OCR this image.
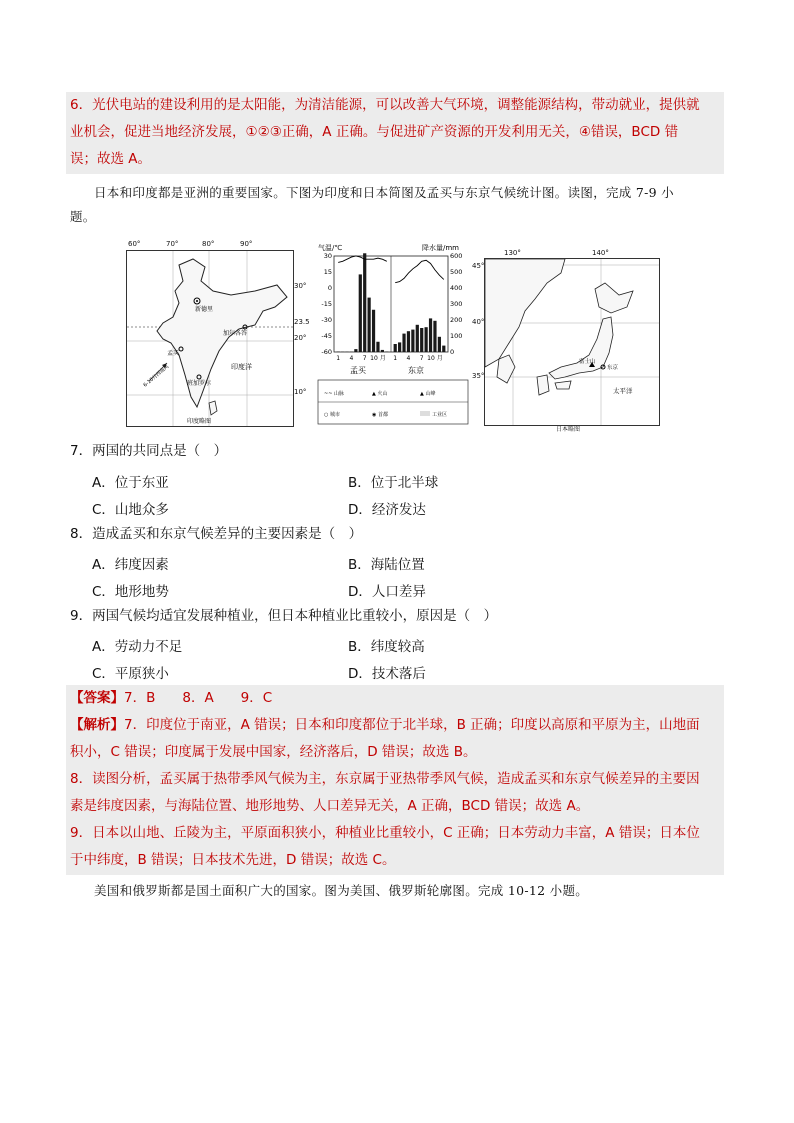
6．光伏电站的建设利用的是太阳能，为清洁能源，可以改善大气环境，调整能源结构，带动就业，提供就
业机会，促进当地经济发展，①②③正确，A 正确。与促进矿产资源的开发利用无关，④错误，BCD 错
误；故选 A。
日本和印度都是亚洲的重要国家。下图为印度和日本简图及孟买与东京气候统计图。读图，完成 7-9 小
题。
新德里
加尔各答
孟买
班加罗尔
印度洋
6-10月西南风
印度略图
60°	70°	80°	90°
30°
23.5
20°
10°
气温/℃	降水量/mm
30
15
0
-15
-30
-45
-60
600
500
400
300
200
100
0
1 4 7 10 月 1 4 7 10 月
孟买	东京
~~ 山脉	▲ 火山	▲ 山峰
○ 城市	◉ 首都	工业区
富士山
东京
太平洋
130°	140°
45°
40°
35°
日本略图
7．两国的共同点是（　）
A．位于东亚	B．位于北半球
C．山地众多	D．经济发达
8．造成孟买和东京气候差异的主要因素是（　）
A．纬度因素	B．海陆位置
C．地形地势	D．人口差异
9．两国气候均适宜发展种植业，但日本种植业比重较小，原因是（　）
A．劳动力不足	B．纬度较高
C．平原狭小	D．技术落后
【答案】7．B　　8．A　　9．C
【解析】7．印度位于南亚，A 错误；日本和印度都位于北半球，B 正确；印度以高原和平原为主，山地面
积小，C 错误；印度属于发展中国家，经济落后，D 错误；故选 B。
8．读图分析，孟买属于热带季风气候为主，东京属于亚热带季风气候，造成孟买和东京气候差异的主要因
素是纬度因素，与海陆位置、地形地势、人口差异无关，A 正确，BCD 错误；故选 A。
9．日本以山地、丘陵为主，平原面积狭小，种植业比重较小，C 正确；日本劳动力丰富，A 错误；日本位
于中纬度，B 错误；日本技术先进，D 错误；故选 C。
美国和俄罗斯都是国土面积广大的国家。图为美国、俄罗斯轮廓图。完成 10-12 小题。
